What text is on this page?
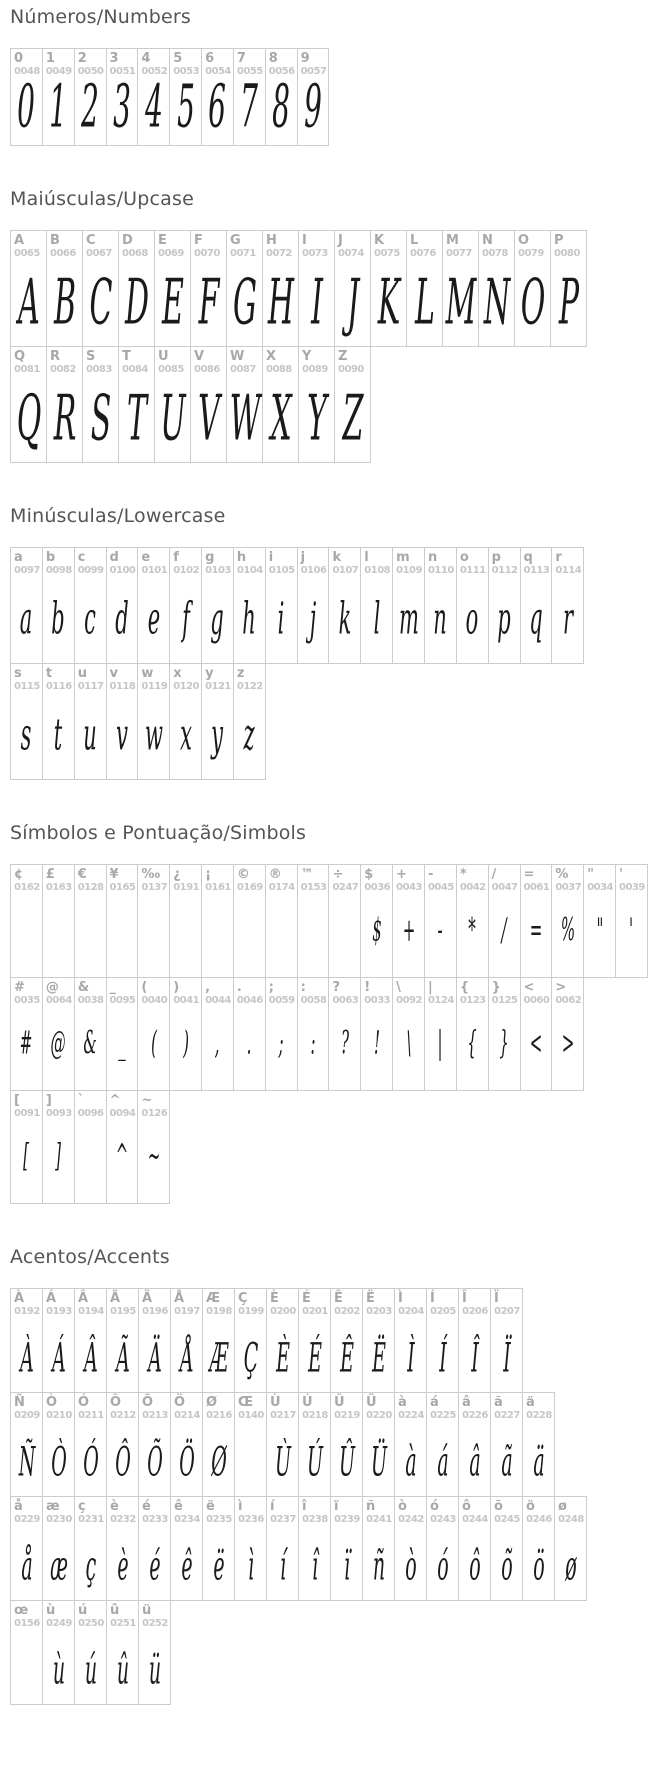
Números/Numbers
0
0048
0
1
0049
1
2
0050
2
3
0051
3
4
0052
4
5
0053
5
6
0054
6
7
0055
7
8
0056
8
9
0057
9
Maiúsculas/Upcase
A
0065
A
B
0066
B
C
0067
C
D
0068
D
E
0069
E
F
0070
F
G
0071
G
H
0072
H
I
0073
I
J
0074
J
K
0075
K
L
0076
L
M
0077
M
N
0078
N
O
0079
O
P
0080
P
Q
0081
Q
R
0082
R
S
0083
S
T
0084
T
U
0085
U
V
0086
V
W
0087
W
X
0088
X
Y
0089
Y
Z
0090
Z
Minúsculas/Lowercase
a
0097
a
b
0098
b
c
0099
c
d
0100
d
e
0101
e
f
0102
f
g
0103
g
h
0104
h
i
0105
i
j
0106
j
k
0107
k
l
0108
l
m
0109
m
n
0110
n
o
0111
o
p
0112
p
q
0113
q
r
0114
r
s
0115
s
t
0116
t
u
0117
u
v
0118
v
w
0119
w
x
0120
x
y
0121
y
z
0122
z
Símbolos e Pontuação/Simbols
¢
0162
£
0163
€
0128
¥
0165
‰
0137
¿
0191
¡
0161
©
0169
®
0174
™
0153
÷
0247
$
0036
$
+
0043
+
-
0045
-
*
0042
*
/
0047
/
=
0061
=
%
0037
%
"
0034
"
'
0039
'
#
0035
#
@
0064
@
&
0038
&
_
0095
_
(
0040
(
)
0041
)
,
0044
,
.
0046
.
;
0059
;
:
0058
:
?
0063
?
!
0033
!
\
0092
\
|
0124
|
{
0123
{
}
0125
}
<
0060
<
>
0062
>
[
0091
[
]
0093
]
`
0096
^
0094
^
~
0126
~
Acentos/Accents
À
0192
À
Á
0193
Á
Â
0194
Â
Ã
0195
Ã
Ä
0196
Ä
Å
0197
Å
Æ
0198
Æ
Ç
0199
Ç
È
0200
È
É
0201
É
Ê
0202
Ê
Ë
0203
Ë
Ì
0204
Ì
Í
0205
Í
Î
0206
Î
Ï
0207
Ï
Ñ
0209
Ñ
Ò
0210
Ò
Ó
0211
Ó
Ô
0212
Ô
Õ
0213
Õ
Ö
0214
Ö
Ø
0216
Ø
Œ
0140
Ù
0217
Ù
Ú
0218
Ú
Û
0219
Û
Ü
0220
Ü
à
0224
à
á
0225
á
â
0226
â
ã
0227
ã
ä
0228
ä
å
0229
å
æ
0230
æ
ç
0231
ç
è
0232
è
é
0233
é
ê
0234
ê
ë
0235
ë
ì
0236
ì
í
0237
í
î
0238
î
ï
0239
ï
ñ
0241
ñ
ò
0242
ò
ó
0243
ó
ô
0244
ô
õ
0245
õ
ö
0246
ö
ø
0248
ø
œ
0156
ù
0249
ù
ú
0250
ú
û
0251
û
ü
0252
ü
